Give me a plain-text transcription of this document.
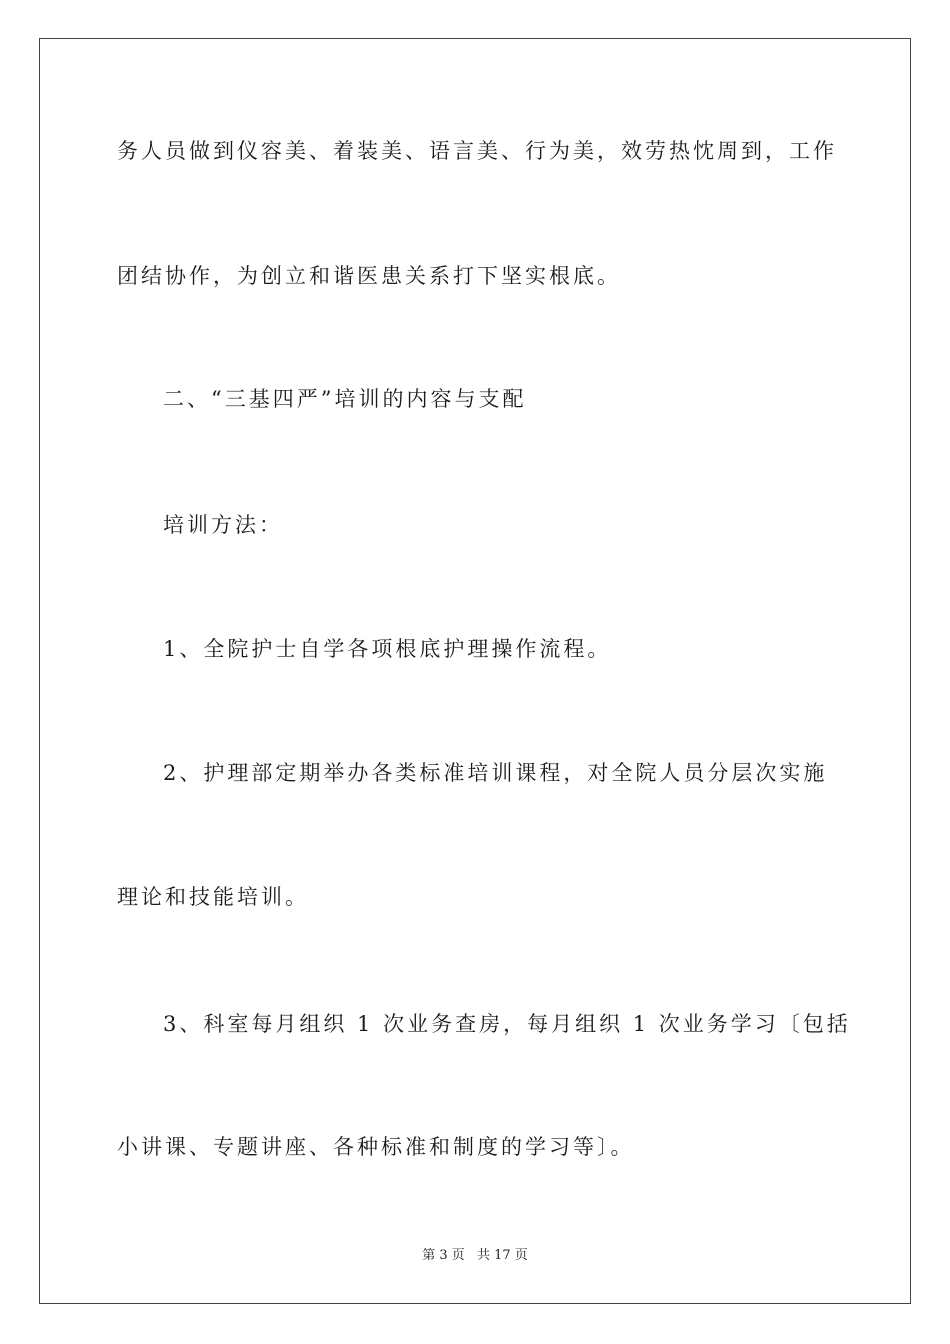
务人员做到仪容美、着装美、语言美、行为美，效劳热忱周到，工作
团结协作，为创立和谐医患关系打下坚实根底。
二、“三基四严”培训的内容与支配
培训方法：
1、全院护士自学各项根底护理操作流程。
2、护理部定期举办各类标准培训课程，对全院人员分层次实施
理论和技能培训。
3、科室每月组织 1 次业务查房，每月组织 1 次业务学习〔包括
小讲课、专题讲座、各种标准和制度的学习等〕。
第 3 页 共 17 页
